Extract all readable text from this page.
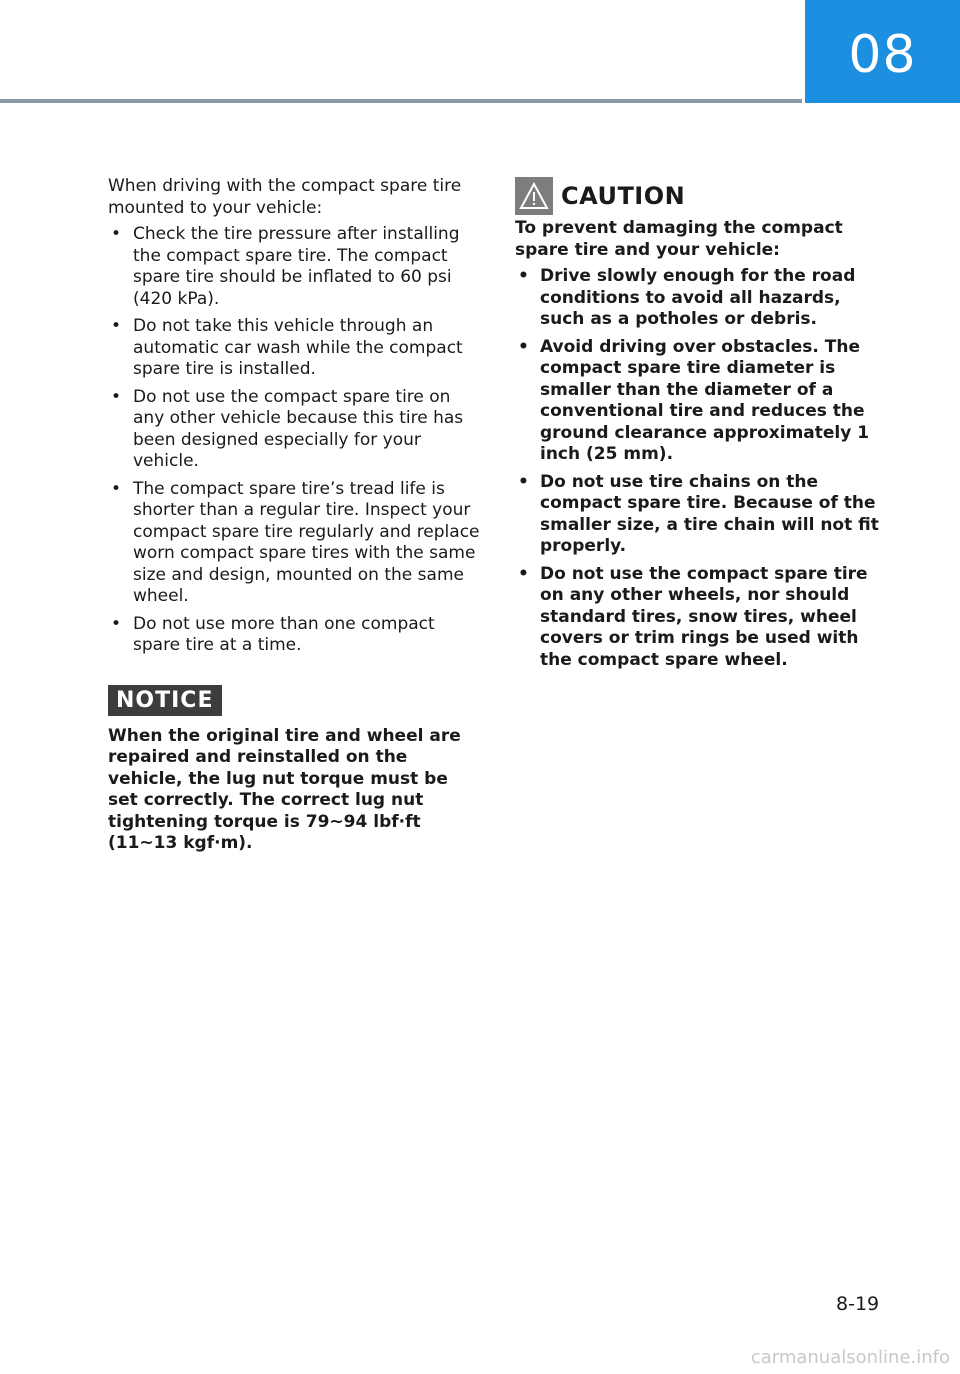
08

When driving with the compact spare tire mounted to your vehicle:

• Check the tire pressure after installing the compact spare tire. The compact spare tire should be inflated to 60 psi (420 kPa).
• Do not take this vehicle through an automatic car wash while the compact spare tire is installed.
• Do not use the compact spare tire on any other vehicle because this tire has been designed especially for your vehicle.
• The compact spare tire’s tread life is shorter than a regular tire. Inspect your compact spare tire regularly and replace worn compact spare tires with the same size and design, mounted on the same wheel.
• Do not use more than one compact spare tire at a time.
NOTICE
When the original tire and wheel are repaired and reinstalled on the vehicle, the lug nut torque must be set correctly. The correct lug nut tightening torque is 79~94 lbf·ft (11~13 kgf·m).
CAUTION

To prevent damaging the compact spare tire and your vehicle:

• Drive slowly enough for the road conditions to avoid all hazards, such as a potholes or debris.
• Avoid driving over obstacles. The compact spare tire diameter is smaller than the diameter of a conventional tire and reduces the ground clearance approximately 1 inch (25 mm).
• Do not use tire chains on the compact spare tire. Because of the smaller size, a tire chain will not fit properly.
• Do not use the compact spare tire on any other wheels, nor should standard tires, snow tires, wheel covers or trim rings be used with the compact spare wheel.
8-19
carmanualsonline.info
